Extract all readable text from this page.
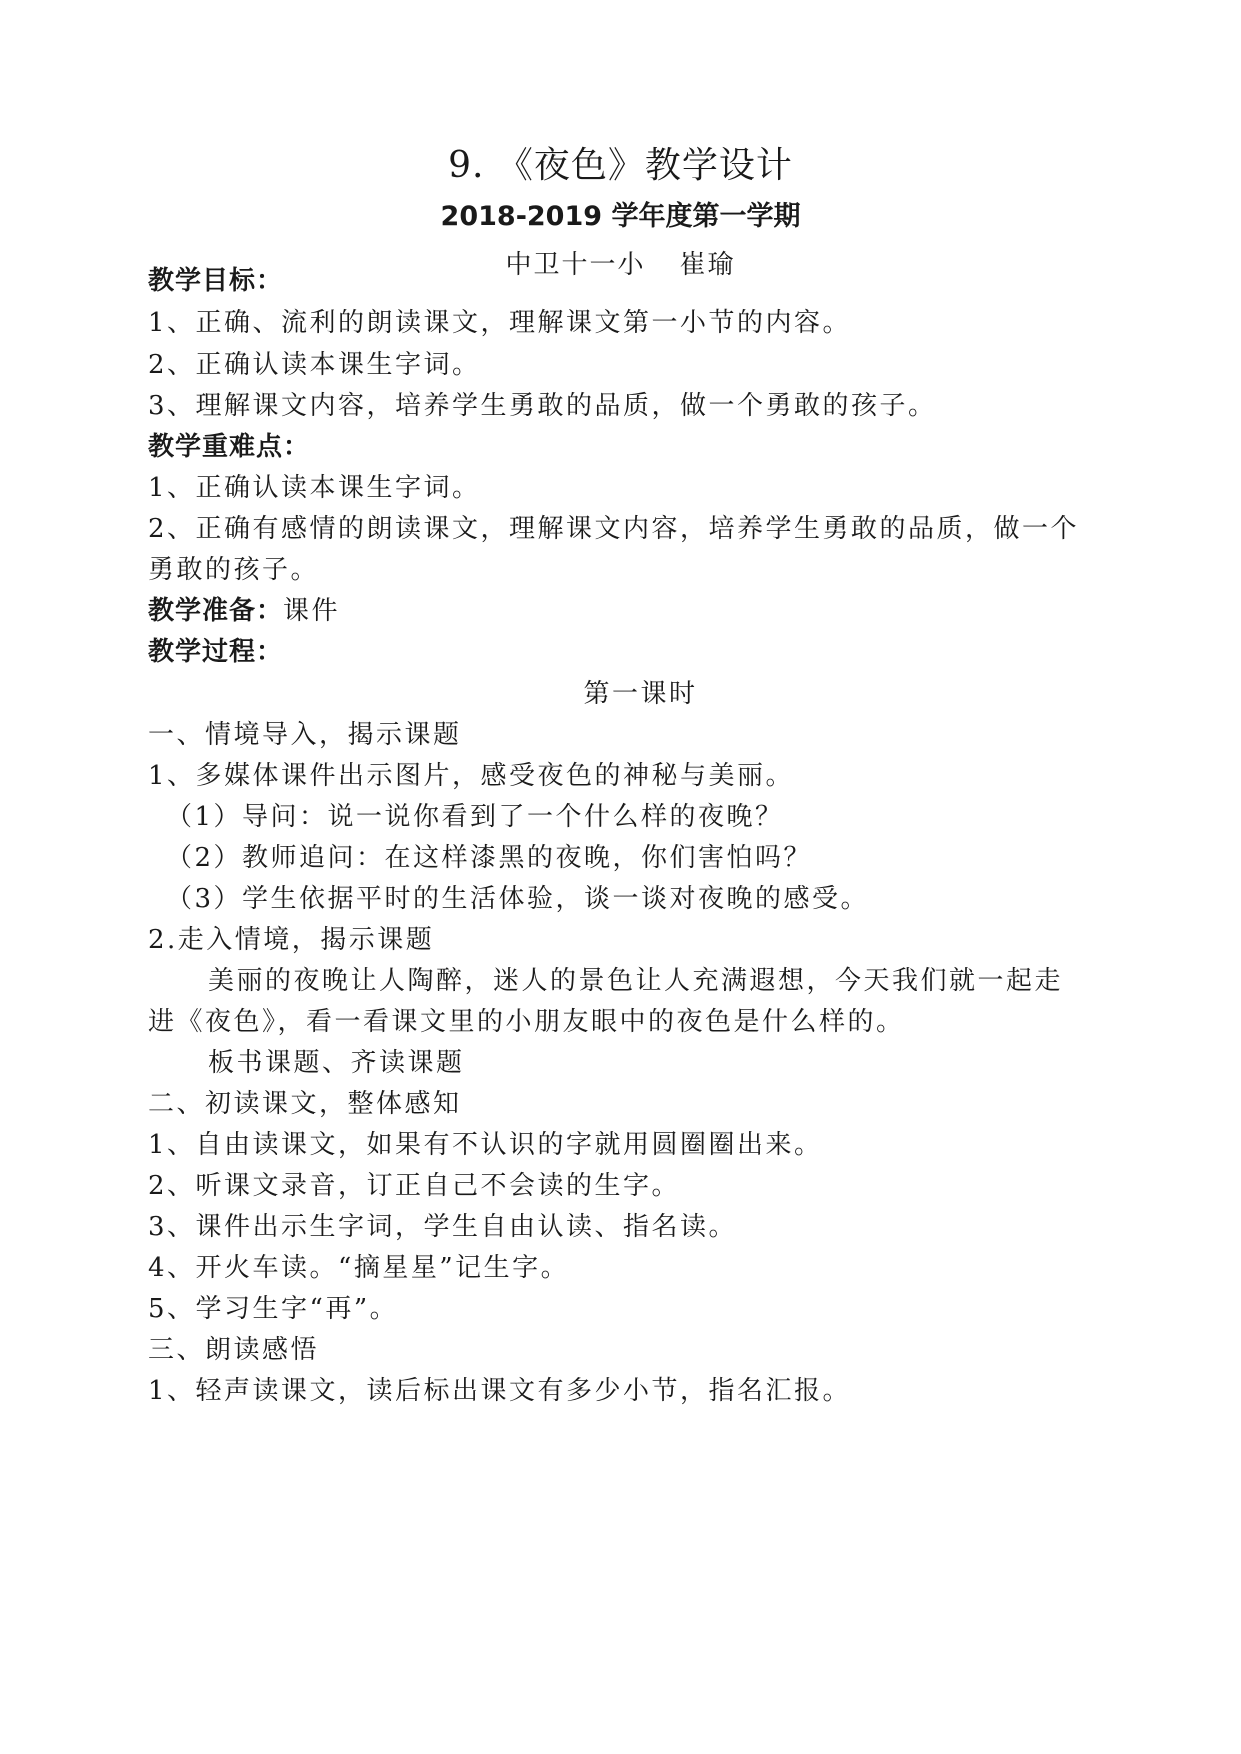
9. 《夜色》教学设计
2018-2019 学年度第一学期
中卫十一小 崔瑜
教学目标：
1、正确、流利的朗读课文，理解课文第一小节的内容。
2、正确认读本课生字词。
3、理解课文内容，培养学生勇敢的品质，做一个勇敢的孩子。
教学重难点：
1、正确认读本课生字词。
2、正确有感情的朗读课文，理解课文内容，培养学生勇敢的品质，做一个
勇敢的孩子。
教学准备：课件
教学过程：
第一课时
一、情境导入，揭示课题
1、多媒体课件出示图片，感受夜色的神秘与美丽。
（1）导问：说一说你看到了一个什么样的夜晚？
（2）教师追问：在这样漆黑的夜晚，你们害怕吗？
（3）学生依据平时的生活体验，谈一谈对夜晚的感受。
2.走入情境，揭示课题
美丽的夜晚让人陶醉，迷人的景色让人充满遐想，今天我们就一起走
进《夜色》，看一看课文里的小朋友眼中的夜色是什么样的。
板书课题、齐读课题
二、初读课文，整体感知
1、自由读课文，如果有不认识的字就用圆圈圈出来。
2、听课文录音，订正自己不会读的生字。
3、课件出示生字词，学生自由认读、指名读。
4、开火车读。“摘星星”记生字。
5、学习生字“再”。
三、朗读感悟
1、轻声读课文，读后标出课文有多少小节，指名汇报。
